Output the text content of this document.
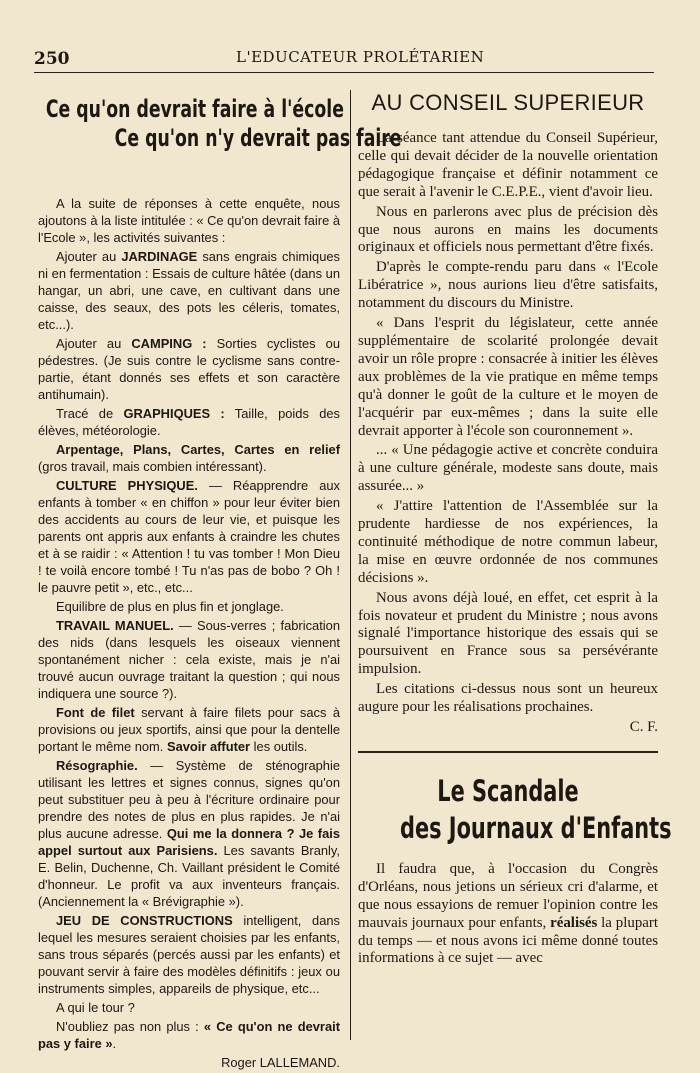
250	L'EDUCATEUR PROLÉTARIEN
Ce qu'on devrait faire à l'école
Ce qu'on n'y devrait pas faire

A la suite de réponses à cette enquête, nous ajoutons à la liste intitulée : « Ce qu'on devrait faire à l'Ecole », les activités suivantes :

Ajouter au JARDINAGE sans engrais chimiques ni en fermentation : Essais de culture hâtée (dans un hangar, un abri, une cave, en cultivant dans une caisse, des seaux, des pots les céleris, tomates, etc...).

Ajouter au CAMPING : Sorties cyclistes ou pédestres. (Je suis contre le cyclisme sans contre-partie, étant donnés ses effets et son caractère antihumain).

Tracé de GRAPHIQUES : Taille, poids des élèves, météorologie.

Arpentage, Plans, Cartes, Cartes en relief (gros travail, mais combien intéressant).

CULTURE PHYSIQUE. — Réapprendre aux enfants à tomber « en chiffon » pour leur éviter bien des accidents au cours de leur vie, et puisque les parents ont appris aux enfants à craindre les chutes et à se raidir : « Attention ! tu vas tomber ! Mon Dieu ! te voilà encore tombé ! Tu n'as pas de bobo ? Oh ! le pauvre petit », etc., etc...

Equilibre de plus en plus fin et jonglage.

TRAVAIL MANUEL. — Sous-verres ; fabrication des nids (dans lesquels les oiseaux viennent spontanément nicher : cela existe, mais je n'ai trouvé aucun ouvrage traitant la question ; qui nous indiquera une source ?).

Font de filet servant à faire filets pour sacs à provisions ou jeux sportifs, ainsi que pour la dentelle portant le même nom. Savoir affuter les outils.

Résographie. — Système de sténographie utilisant les lettres et signes connus, signes qu'on peut substituer peu à peu à l'écriture ordinaire pour prendre des notes de plus en plus rapides. Je n'ai plus aucune adresse. Qui me la donnera ? Je fais appel surtout aux Parisiens. Les savants Branly, E. Belin, Duchenne, Ch. Vaillant président le Comité d'honneur. Le profit va aux inventeurs français. (Anciennement la « Brévigraphie »).

JEU DE CONSTRUCTIONS intelligent, dans lequel les mesures seraient choisies par les enfants, sans trous séparés (percés aussi par les enfants) et pouvant servir à faire des modèles définitifs : jeux ou instruments simples, appareils de physique, etc...

A qui le tour ?

N'oubliez pas non plus : « Ce qu'on ne devrait pas y faire ».

Roger LALLEMAND.

AU CONSEIL SUPERIEUR

La séance tant attendue du Conseil Supérieur, celle qui devait décider de la nouvelle orientation pédagogique française et définir notamment ce que serait à l'avenir le C.E.P.E., vient d'avoir lieu.

Nous en parlerons avec plus de précision dès que nous aurons en mains les documents originaux et officiels nous permettant d'être fixés.

D'après le compte-rendu paru dans « l'Ecole Libératrice », nous aurions lieu d'être satisfaits, notamment du discours du Ministre.

« Dans l'esprit du législateur, cette année supplémentaire de scolarité prolongée devait avoir un rôle propre : consacrée à initier les élèves aux problèmes de la vie pratique en même temps qu'à donner le goût de la culture et le moyen de l'acquérir par eux-mêmes ; dans la suite elle devrait apporter à l'école son couronnement ».

... « Une pédagogie active et concrète conduira à une culture générale, modeste sans doute, mais assurée... »

« J'attire l'attention de l'Assemblée sur la prudente hardiesse de nos expériences, la continuité méthodique de notre commun labeur, la mise en œuvre ordonnée de nos communes décisions ».

Nous avons déjà loué, en effet, cet esprit à la fois novateur et prudent du Ministre ; nous avons signalé l'importance historique des essais qui se poursuivent en France sous sa persévérante impulsion.

Les citations ci-dessus nous sont un heureux augure pour les réalisations prochaines.

C. F.

Le Scandale
des Journaux d'Enfants

Il faudra que, à l'occasion du Congrès d'Orléans, nous jetions un sérieux cri d'alarme, et que nous essayions de remuer l'opinion contre les mauvais journaux pour enfants, réalisés la plupart du temps — et nous avons ici même donné toutes informations à ce sujet — avec
